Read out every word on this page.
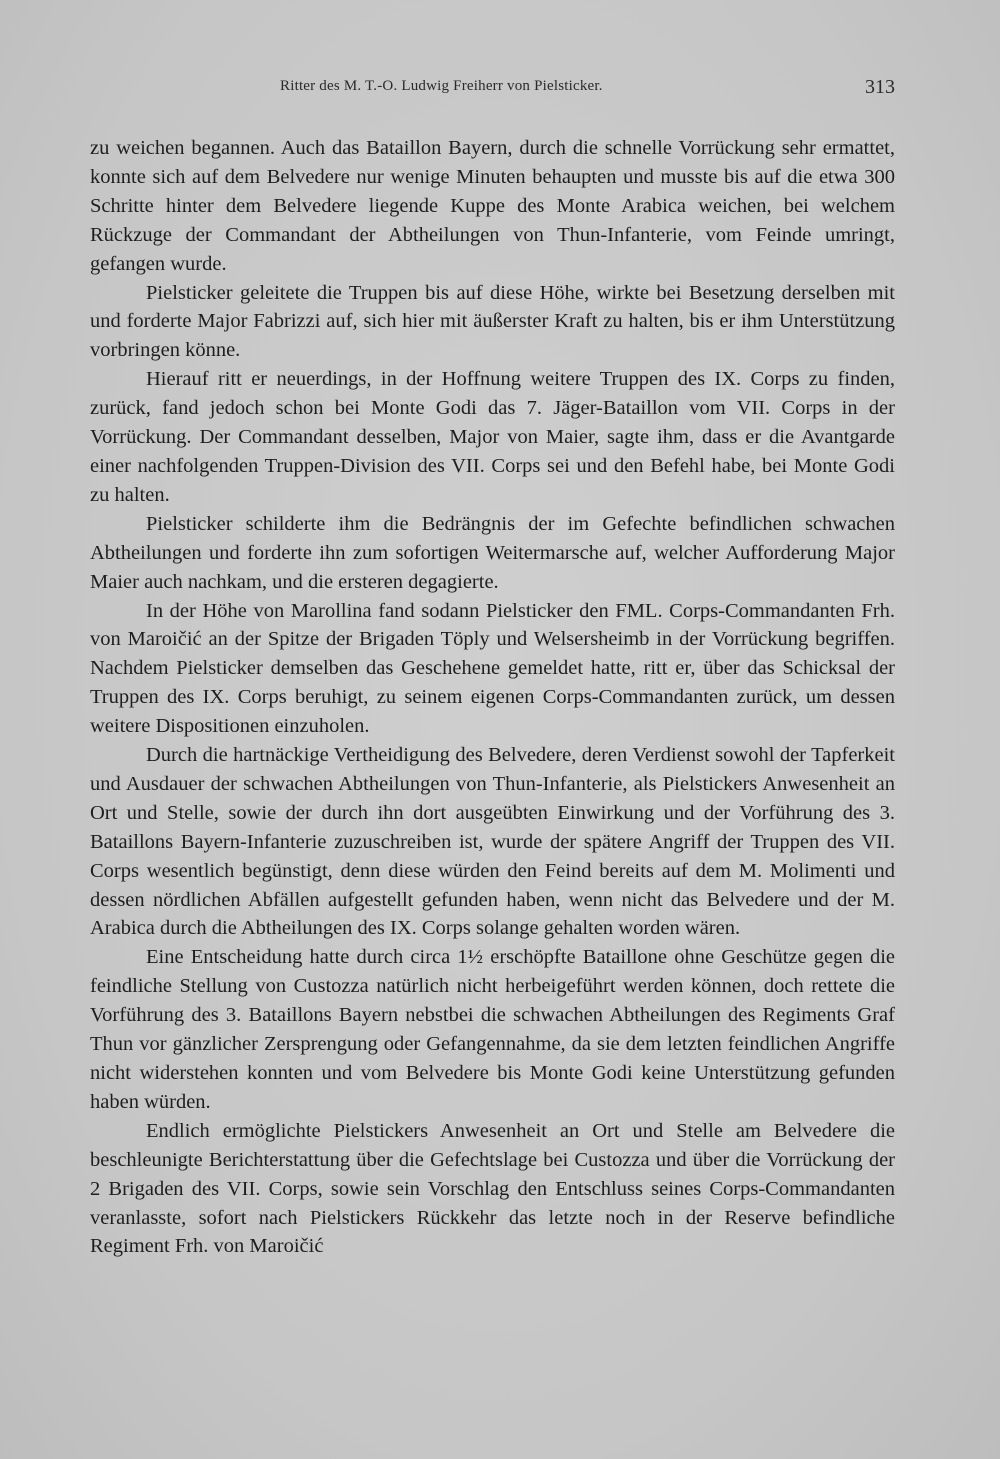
Ritter des M. T.-O. Ludwig Freiherr von Pielsticker.	313

zu weichen begannen. Auch das Bataillon Bayern, durch die schnelle Vorrückung sehr ermattet, konnte sich auf dem Belvedere nur wenige Minuten behaupten und musste bis auf die etwa 300 Schritte hinter dem Belvedere liegende Kuppe des Monte Arabica weichen, bei welchem Rückzuge der Commandant der Abtheilungen von Thun-Infanterie, vom Feinde umringt, gefangen wurde.

Pielsticker geleitete die Truppen bis auf diese Höhe, wirkte bei Besetzung derselben mit und forderte Major Fabrizzi auf, sich hier mit äußerster Kraft zu halten, bis er ihm Unterstützung vorbringen könne.

Hierauf ritt er neuerdings, in der Hoffnung weitere Truppen des IX. Corps zu finden, zurück, fand jedoch schon bei Monte Godi das 7. Jäger-Bataillon vom VII. Corps in der Vorrückung. Der Commandant desselben, Major von Maier, sagte ihm, dass er die Avantgarde einer nachfolgenden Truppen-Division des VII. Corps sei und den Befehl habe, bei Monte Godi zu halten.

Pielsticker schilderte ihm die Bedrängnis der im Gefechte befindlichen schwachen Abtheilungen und forderte ihn zum sofortigen Weitermarsche auf, welcher Aufforderung Major Maier auch nachkam, und die ersteren degagierte.

In der Höhe von Marollina fand sodann Pielsticker den FML. Corps-Commandanten Frh. von Maroičić an der Spitze der Brigaden Töply und Welsersheimb in der Vorrückung begriffen. Nachdem Pielsticker demselben das Geschehene gemeldet hatte, ritt er, über das Schicksal der Truppen des IX. Corps beruhigt, zu seinem eigenen Corps-Commandanten zurück, um dessen weitere Dispositionen einzuholen.

Durch die hartnäckige Vertheidigung des Belvedere, deren Verdienst sowohl der Tapferkeit und Ausdauer der schwachen Abtheilungen von Thun-Infanterie, als Pielstickers Anwesenheit an Ort und Stelle, sowie der durch ihn dort ausgeübten Einwirkung und der Vorführung des 3. Bataillons Bayern-Infanterie zuzuschreiben ist, wurde der spätere Angriff der Truppen des VII. Corps wesentlich begünstigt, denn diese würden den Feind bereits auf dem M. Molimenti und dessen nördlichen Abfällen aufgestellt gefunden haben, wenn nicht das Belvedere und der M. Arabica durch die Abtheilungen des IX. Corps solange gehalten worden wären.

Eine Entscheidung hatte durch circa 1½ erschöpfte Bataillone ohne Geschütze gegen die feindliche Stellung von Custozza natürlich nicht herbeigeführt werden können, doch rettete die Vorführung des 3. Bataillons Bayern nebstbei die schwachen Abtheilungen des Regiments Graf Thun vor gänzlicher Zersprengung oder Gefangennahme, da sie dem letzten feindlichen Angriffe nicht widerstehen konnten und vom Belvedere bis Monte Godi keine Unterstützung gefunden haben würden.

Endlich ermöglichte Pielstickers Anwesenheit an Ort und Stelle am Belvedere die beschleunigte Berichterstattung über die Gefechtslage bei Custozza und über die Vorrückung der 2 Brigaden des VII. Corps, sowie sein Vorschlag den Entschluss seines Corps-Commandanten veranlasste, sofort nach Pielstickers Rückkehr das letzte noch in der Reserve befindliche Regiment Frh. von Maroičić
